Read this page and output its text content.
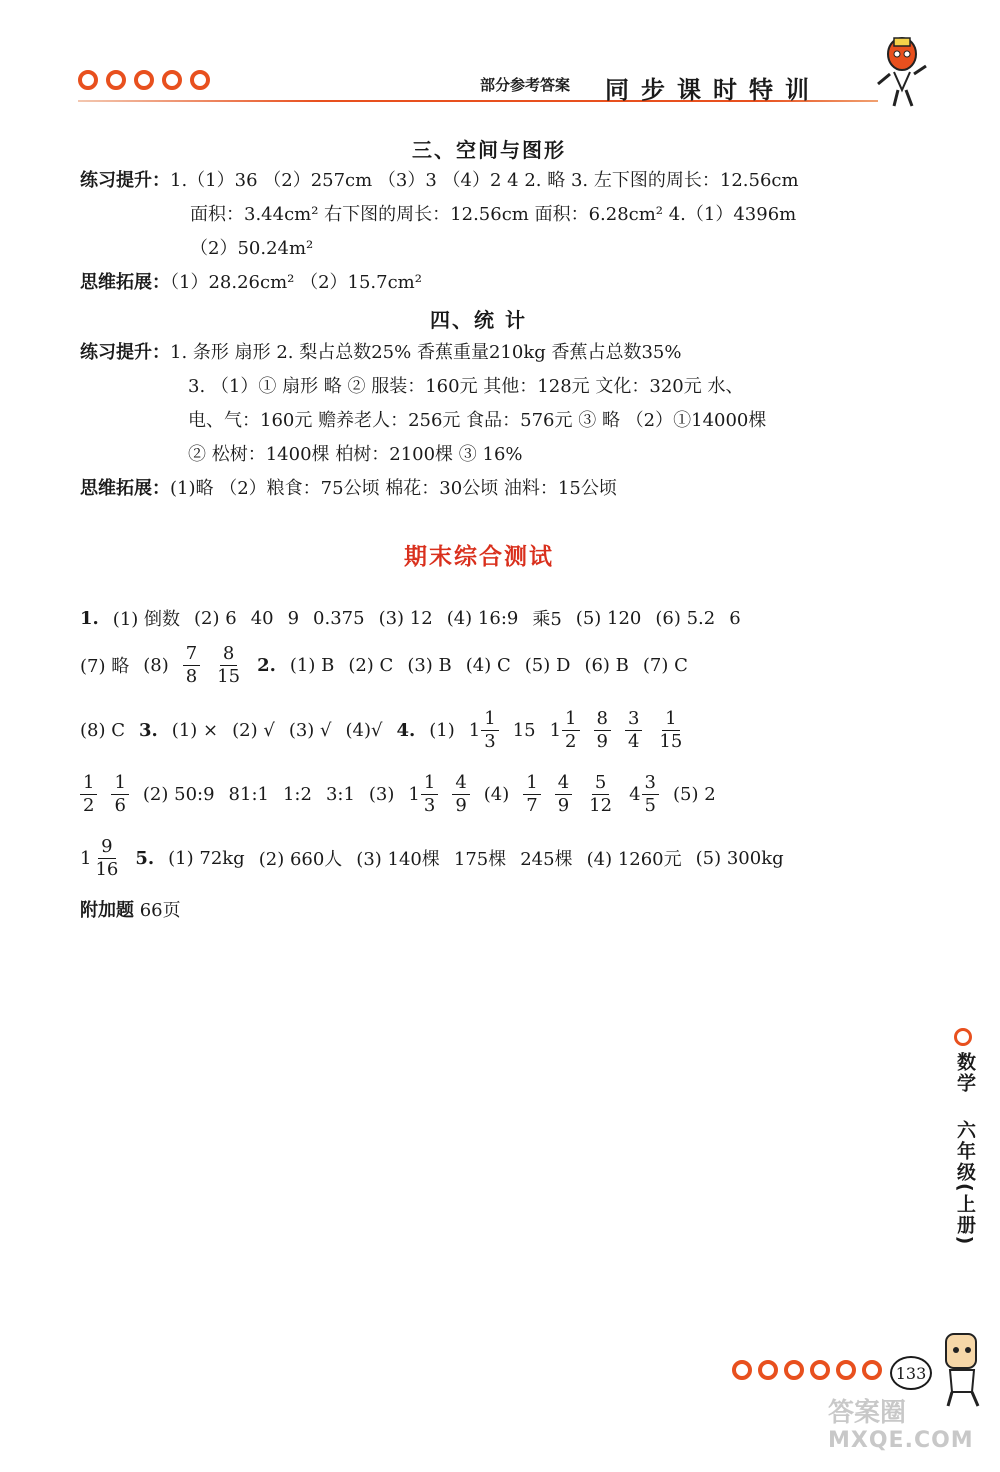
部分参考答案 同步课时特训
三、空间与图形
练习提升：1.（1）36 （2）257cm （3）3 （4）2 4 2. 略 3. 左下图的周长：12.56cm
面积：3.44cm² 右下图的周长：12.56cm 面积：6.28cm² 4.（1）4396m
（2）50.24m²
思维拓展：（1）28.26cm² （2）15.7cm²
四、统 计
练习提升：1. 条形 扇形 2. 梨占总数25% 香蕉重量210kg 香蕉占总数35%
3. （1）① 扇形 略 ② 服装：160元 其他：128元 文化：320元 水、
电、气：160元 赡养老人：256元 食品：576元 ③ 略 （2）①14000棵
② 松树：1400棵 柏树：2100棵 ③ 16%
思维拓展：(1)略 （2）粮食：75公顷 棉花：30公顷 油料：15公顷
期末综合测试
1. (1) 倒数 (2) 6 40 9 0.375 (3) 12 (4) 16:9 乘5 (5) 120 (6) 5.2 6
(7) 略 $(8) \frac{7}{8} \frac{8}{15} 2$. (1) B (2) C (3) B (4) C (5) D (6) B (7) C
(8) C 3. (1) × (2) √ (3) √ (4)√ 4. (1) $1 \frac{1}{3} 15$ $1 \frac{1}{2} \frac{8}{9} \frac{3}{4} \frac{1}{15}$
$\frac{1}{2} \frac{1}{6} (2)$ 50:9 81:1 1:2 3:1 (3) $1 \frac{1}{3} \frac{4}{9} (4) \frac{1}{7} \frac{4}{9} \frac{5}{12} 4 \frac{3}{5} (5)$ 2
$1 \frac{9}{16} 5$. (1) 72kg (2) 660人 (3) 140棵 175棵 245棵 (4) 1260元 (5) 300kg
附加题 66页
数学
六年级(上册)
133
答案圈
MXQE.COM
